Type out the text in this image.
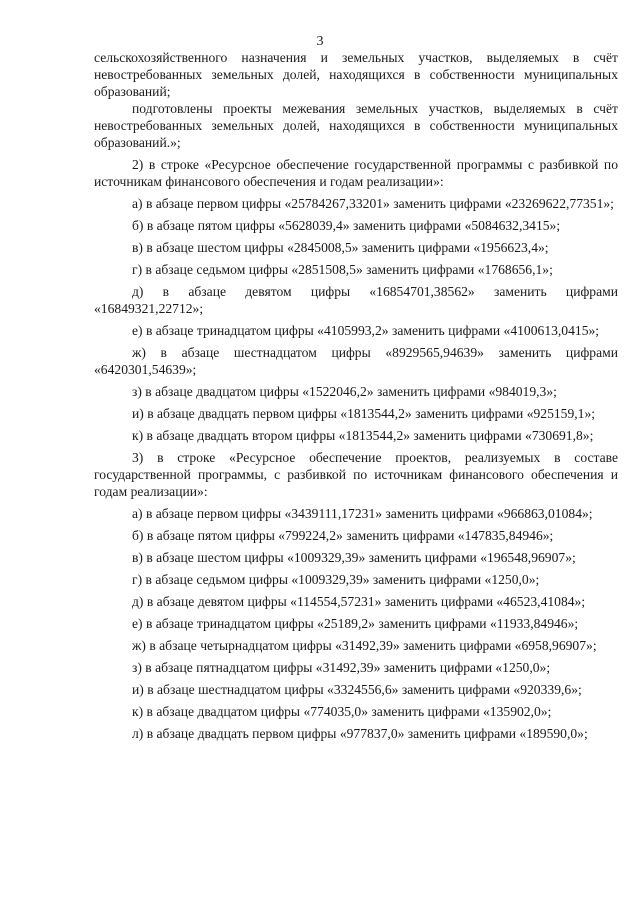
3

сельскохозяйственного назначения и земельных участков, выделяемых в счёт невостребованных земельных долей, находящихся в собственности муниципальных образований;

подготовлены проекты межевания земельных участков, выделяемых в счёт невостребованных земельных долей, находящихся в собственности муниципальных образований.»;

2) в строке «Ресурсное обеспечение государственной программы с разбивкой по источникам финансового обеспечения и годам реализации»:

а) в абзаце первом цифры «25784267,33201» заменить цифрами «23269622,77351»;

б) в абзаце пятом цифры «5628039,4» заменить цифрами «5084632,3415»;

в) в абзаце шестом цифры «2845008,5» заменить цифрами «1956623,4»;

г) в абзаце седьмом цифры «2851508,5» заменить цифрами «1768656,1»;

д) в абзаце девятом цифры «16854701,38562» заменить цифрами «16849321,22712»;

е) в абзаце тринадцатом цифры «4105993,2» заменить цифрами «4100613,0415»;

ж) в абзаце шестнадцатом цифры «8929565,94639» заменить цифрами «6420301,54639»;

з) в абзаце двадцатом цифры «1522046,2» заменить цифрами «984019,3»;

и) в абзаце двадцать первом цифры «1813544,2» заменить цифрами «925159,1»;

к) в абзаце двадцать втором цифры «1813544,2» заменить цифрами «730691,8»;

3) в строке «Ресурсное обеспечение проектов, реализуемых в составе государственной программы, с разбивкой по источникам финансового обеспечения и годам реализации»:

а) в абзаце первом цифры «3439111,17231» заменить цифрами «966863,01084»;

б) в абзаце пятом цифры «799224,2» заменить цифрами «147835,84946»;

в) в абзаце шестом цифры «1009329,39» заменить цифрами «196548,96907»;

г) в абзаце седьмом цифры «1009329,39» заменить цифрами «1250,0»;

д) в абзаце девятом цифры «114554,57231» заменить цифрами «46523,41084»;

е) в абзаце тринадцатом цифры «25189,2» заменить цифрами «11933,84946»;

ж) в абзаце четырнадцатом цифры «31492,39» заменить цифрами «6958,96907»;

з) в абзаце пятнадцатом цифры «31492,39» заменить цифрами «1250,0»;

и) в абзаце шестнадцатом цифры «3324556,6» заменить цифрами «920339,6»;

к) в абзаце двадцатом цифры «774035,0» заменить цифрами «135902,0»;

л) в абзаце двадцать первом цифры «977837,0» заменить цифрами «189590,0»;
